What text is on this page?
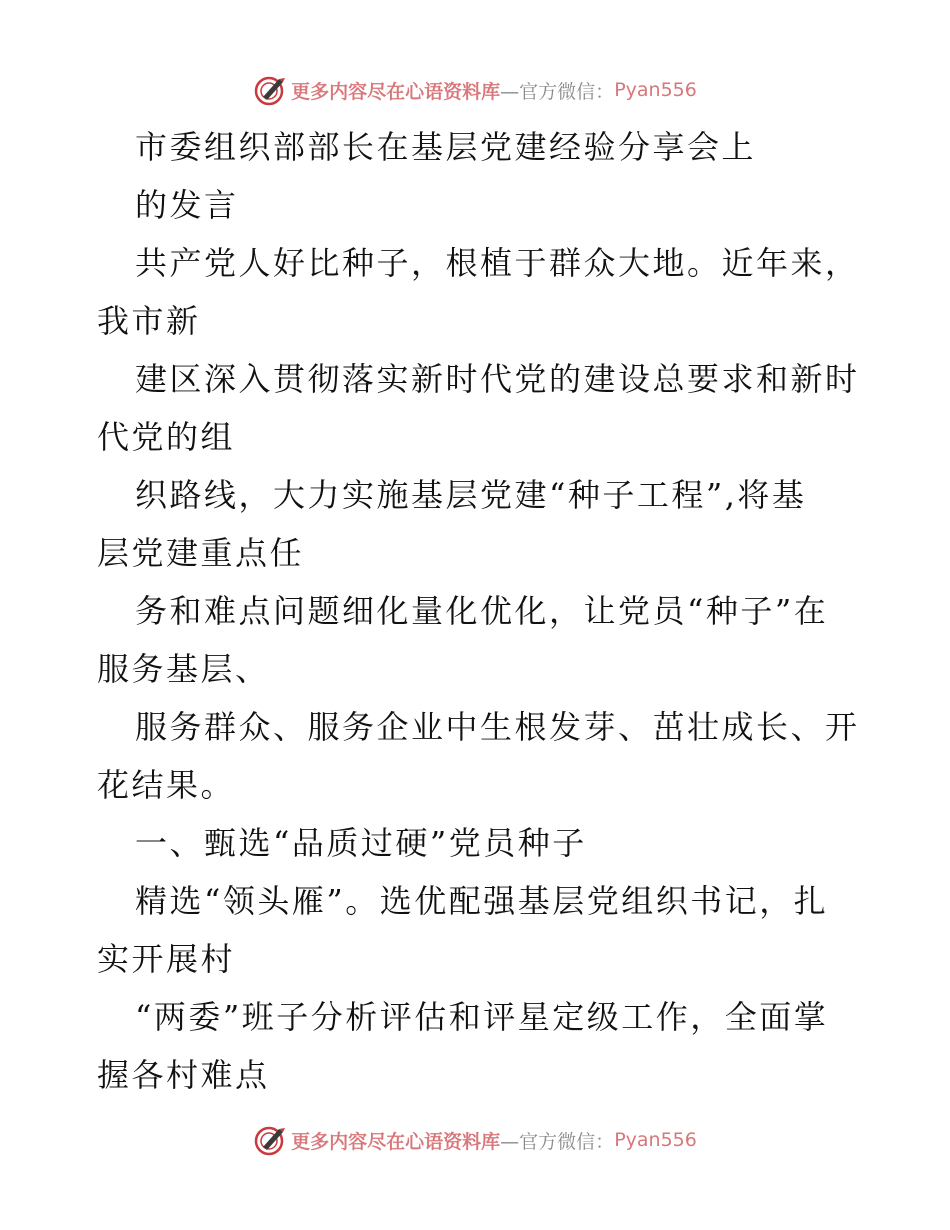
更多内容尽在心语资料库 —官方微信： Pyan556
市委组织部部长在基层党建经验分享会上
的发言
共产党人好比种子，根植于群众大地。近年来，
我市新
建区深入贯彻落实新时代党的建设总要求和新时
代党的组
织路线，大力实施基层党建“种子工程”,将基
层党建重点任
务和难点问题细化量化优化，让党员“种子”在
服务基层、
服务群众、服务企业中生根发芽、茁壮成长、开
花结果。
一、甄选“品质过硬”党员种子
精选“领头雁”。选优配强基层党组织书记，扎
实开展村
“两委”班子分析评估和评星定级工作，全面掌
握各村难点
更多内容尽在心语资料库 —官方微信： Pyan556
